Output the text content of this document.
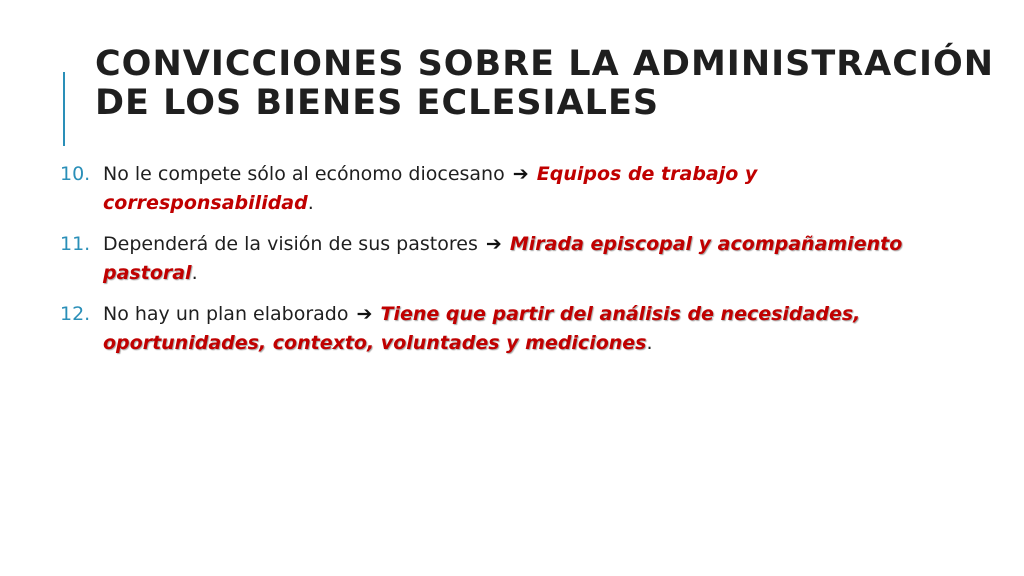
CONVICCIONES SOBRE LA ADMINISTRACIÓN
DE LOS BIENES ECLESIALES
10. No le compete sólo al ecónomo diocesano ➔ Equipos de trabajo y corresponsabilidad.
11. Dependerá de la visión de sus pastores ➔ Mirada episcopal y acompañamiento pastoral.
12. No hay un plan elaborado ➔ Tiene que partir del análisis de necesidades, oportunidades, contexto, voluntades y mediciones.
